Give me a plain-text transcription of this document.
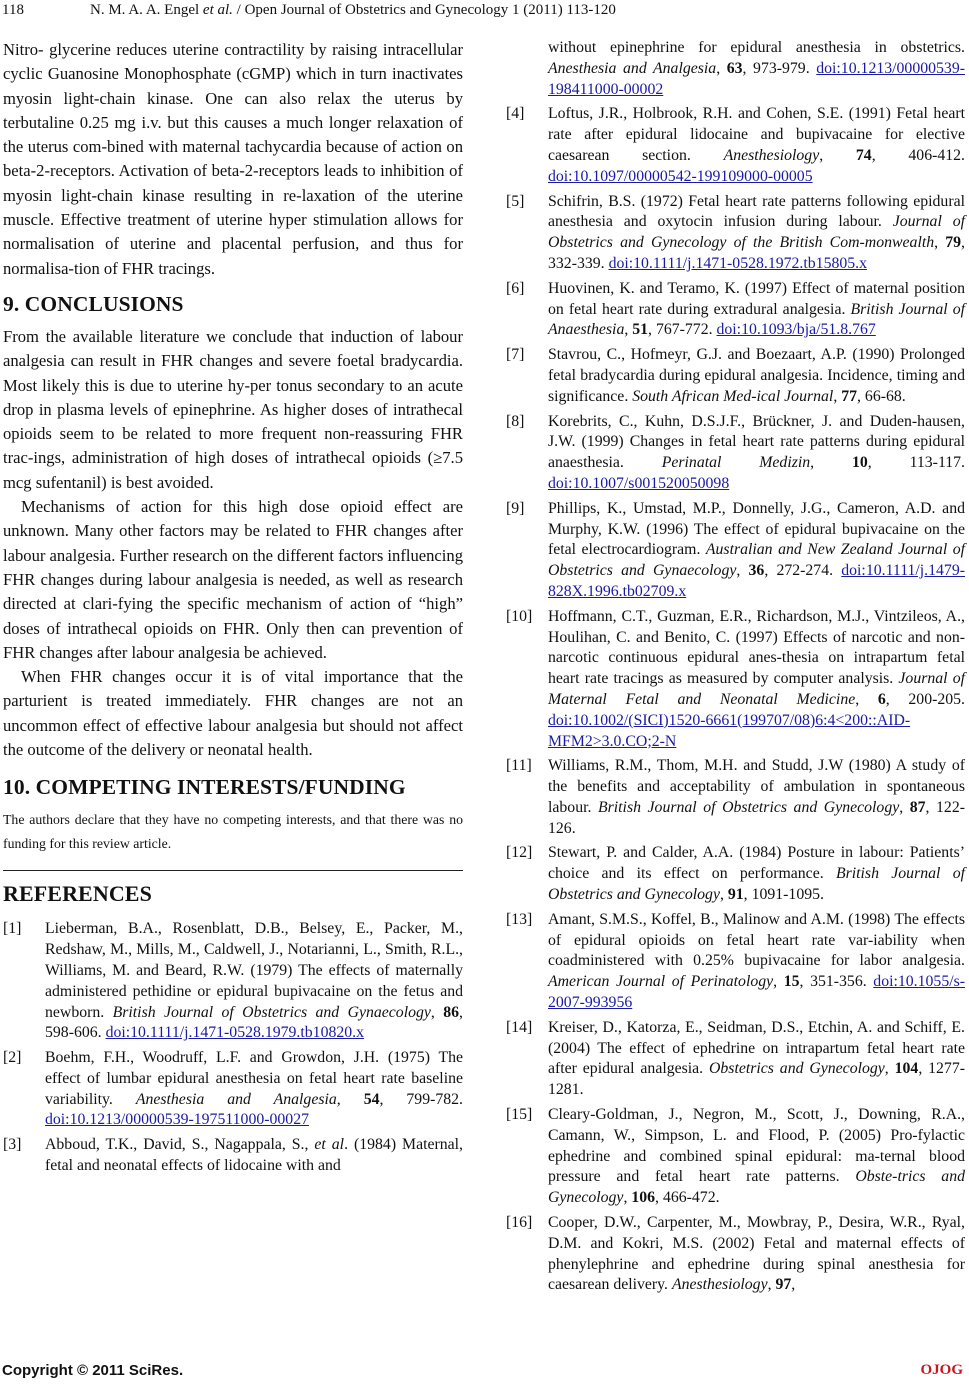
118	N. M. A. A. Engel et al. / Open Journal of Obstetrics and Gynecology 1 (2011) 113-120

Nitro- glycerine reduces uterine contractility by raising intracellular cyclic Guanosine Monophosphate (cGMP) which in turn inactivates myosin light-chain kinase. One can also relax the uterus by terbutaline 0.25 mg i.v. but this causes a much longer relaxation of the uterus com-bined with maternal tachycardia because of action on beta-2-receptors. Activation of beta-2-receptors leads to inhibition of myosin light-chain kinase resulting in re-laxation of the uterine muscle. Effective treatment of uterine hyper stimulation allows for normalisation of uterine and placental perfusion, and thus for normalisa-tion of FHR tracings.

9. CONCLUSIONS

From the available literature we conclude that induction of labour analgesia can result in FHR changes and severe foetal bradycardia. Most likely this is due to uterine hy-per tonus secondary to an acute drop in plasma levels of epinephrine. As higher doses of intrathecal opioids seem to be related to more frequent non-reassuring FHR trac-ings, administration of high doses of intrathecal opioids (≥7.5 mcg sufentanil) is best avoided.

Mechanisms of action for this high dose opioid effect are unknown. Many other factors may be related to FHR changes after labour analgesia. Further research on the different factors influencing FHR changes during labour analgesia is needed, as well as research directed at clari-fying the specific mechanism of action of “high” doses of intrathecal opioids on FHR. Only then can prevention of FHR changes after labour analgesia be achieved.

When FHR changes occur it is of vital importance that the parturient is treated immediately. FHR changes are not an uncommon effect of effective labour analgesia but should not affect the outcome of the delivery or neonatal health.

10. COMPETING INTERESTS/FUNDING

The authors declare that they have no competing interests, and that there was no funding for this review article.

REFERENCES
[1]	Lieberman, B.A., Rosenblatt, D.B., Belsey, E., Packer, M., Redshaw, M., Mills, M., Caldwell, J., Notarianni, L., Smith, R.L., Williams, M. and Beard, R.W. (1979) The effects of maternally administered pethidine or epidural bupivacaine on the fetus and newborn. British Journal of Obstetrics and Gynaecology, 86, 598-606. doi:10.1111/j.1471-0528.1979.tb10820.x
[2]	Boehm, F.H., Woodruff, L.F. and Growdon, J.H. (1975) The effect of lumbar epidural anesthesia on fetal heart rate baseline variability. Anesthesia and Analgesia, 54, 799-782. doi:10.1213/00000539-197511000-00027
[3]	Abboud, T.K., David, S., Nagappala, S., et al. (1984) Maternal, fetal and neonatal effects of lidocaine with and
without epinephrine for epidural anesthesia in obstetrics. Anesthesia and Analgesia, 63, 973-979. doi:10.1213/00000539-198411000-00002
[4]	Loftus, J.R., Holbrook, R.H. and Cohen, S.E. (1991) Fetal heart rate after epidural lidocaine and bupivacaine for elective caesarean section. Anesthesiology, 74, 406-412. doi:10.1097/00000542-199109000-00005
[5]	Schifrin, B.S. (1972) Fetal heart rate patterns following epidural anesthesia and oxytocin infusion during labour. Journal of Obstetrics and Gynecology of the British Com-monwealth, 79, 332-339. doi:10.1111/j.1471-0528.1972.tb15805.x
[6]	Huovinen, K. and Teramo, K. (1997) Effect of maternal position on fetal heart rate during extradural analgesia. British Journal of Anaesthesia, 51, 767-772. doi:10.1093/bja/51.8.767
[7]	Stavrou, C., Hofmeyr, G.J. and Boezaart, A.P. (1990) Prolonged fetal bradycardia during epidural analgesia. Incidence, timing and significance. South African Med-ical Journal, 77, 66-68.
[8]	Korebrits, C., Kuhn, D.S.J.F., Brückner, J. and Duden-hausen, J.W. (1999) Changes in fetal heart rate patterns during epidural anaesthesia. Perinatal Medizin, 10, 113-117. doi:10.1007/s001520050098
[9]	Phillips, K., Umstad, M.P., Donnelly, J.G., Cameron, A.D. and Murphy, K.W. (1996) The effect of epidural bupivacaine on the fetal electrocardiogram. Australian and New Zealand Journal of Obstetrics and Gynaecology, 36, 272-274. doi:10.1111/j.1479-828X.1996.tb02709.x
[10] Hoffmann, C.T., Guzman, E.R., Richardson, M.J., Vintzileos, A., Houlihan, C. and Benito, C. (1997) Effects of narcotic and non-narcotic continuous epidural anes-thesia on intrapartum fetal heart rate tracings as measured by computer analysis. Journal of Maternal Fetal and Neonatal Medicine, 6, 200-205. doi:10.1002/(SICI)1520-6661(199707/08)6:4<200::AID-MFM2>3.0.CO;2-N
[11]	Williams, R.M., Thom, M.H. and Studd, J.W (1980) A study of the benefits and acceptability of ambulation in spontaneous labour. British Journal of Obstetrics and Gynecology, 87, 122-126.
[12] Stewart, P. and Calder, A.A. (1984) Posture in labour: Patients’ choice and its effect on performance. British Journal of Obstetrics and Gynecology, 91, 1091-1095.
[13] Amant, S.M.S., Koffel, B., Malinow and A.M. (1998) The effects of epidural opioids on fetal heart rate var-iability when coadministered with 0.25% bupivacaine for labor analgesia. American Journal of Perinatology, 15, 351-356. doi:10.1055/s-2007-993956
[14] Kreiser, D., Katorza, E., Seidman, D.S., Etchin, A. and Schiff, E. (2004) The effect of ephedrine on intrapartum fetal heart rate after epidural analgesia. Obstetrics and Gynecology, 104, 1277-1281.
[15] Cleary-Goldman, J., Negron, M., Scott, J., Downing, R.A., Camann, W., Simpson, L. and Flood, P. (2005) Pro-fylactic ephedrine and combined spinal epidural: ma-ternal blood pressure and fetal heart rate patterns. Obste-trics and Gynecology, 106, 466-472.
[16] Cooper, D.W., Carpenter, M., Mowbray, P., Desira, W.R., Ryal, D.M. and Kokri, M.S. (2002) Fetal and maternal effects of phenylephrine and ephedrine during spinal anesthesia for caesarean delivery. Anesthesiology, 97,
Copyright © 2011 SciRes.	OJOG
